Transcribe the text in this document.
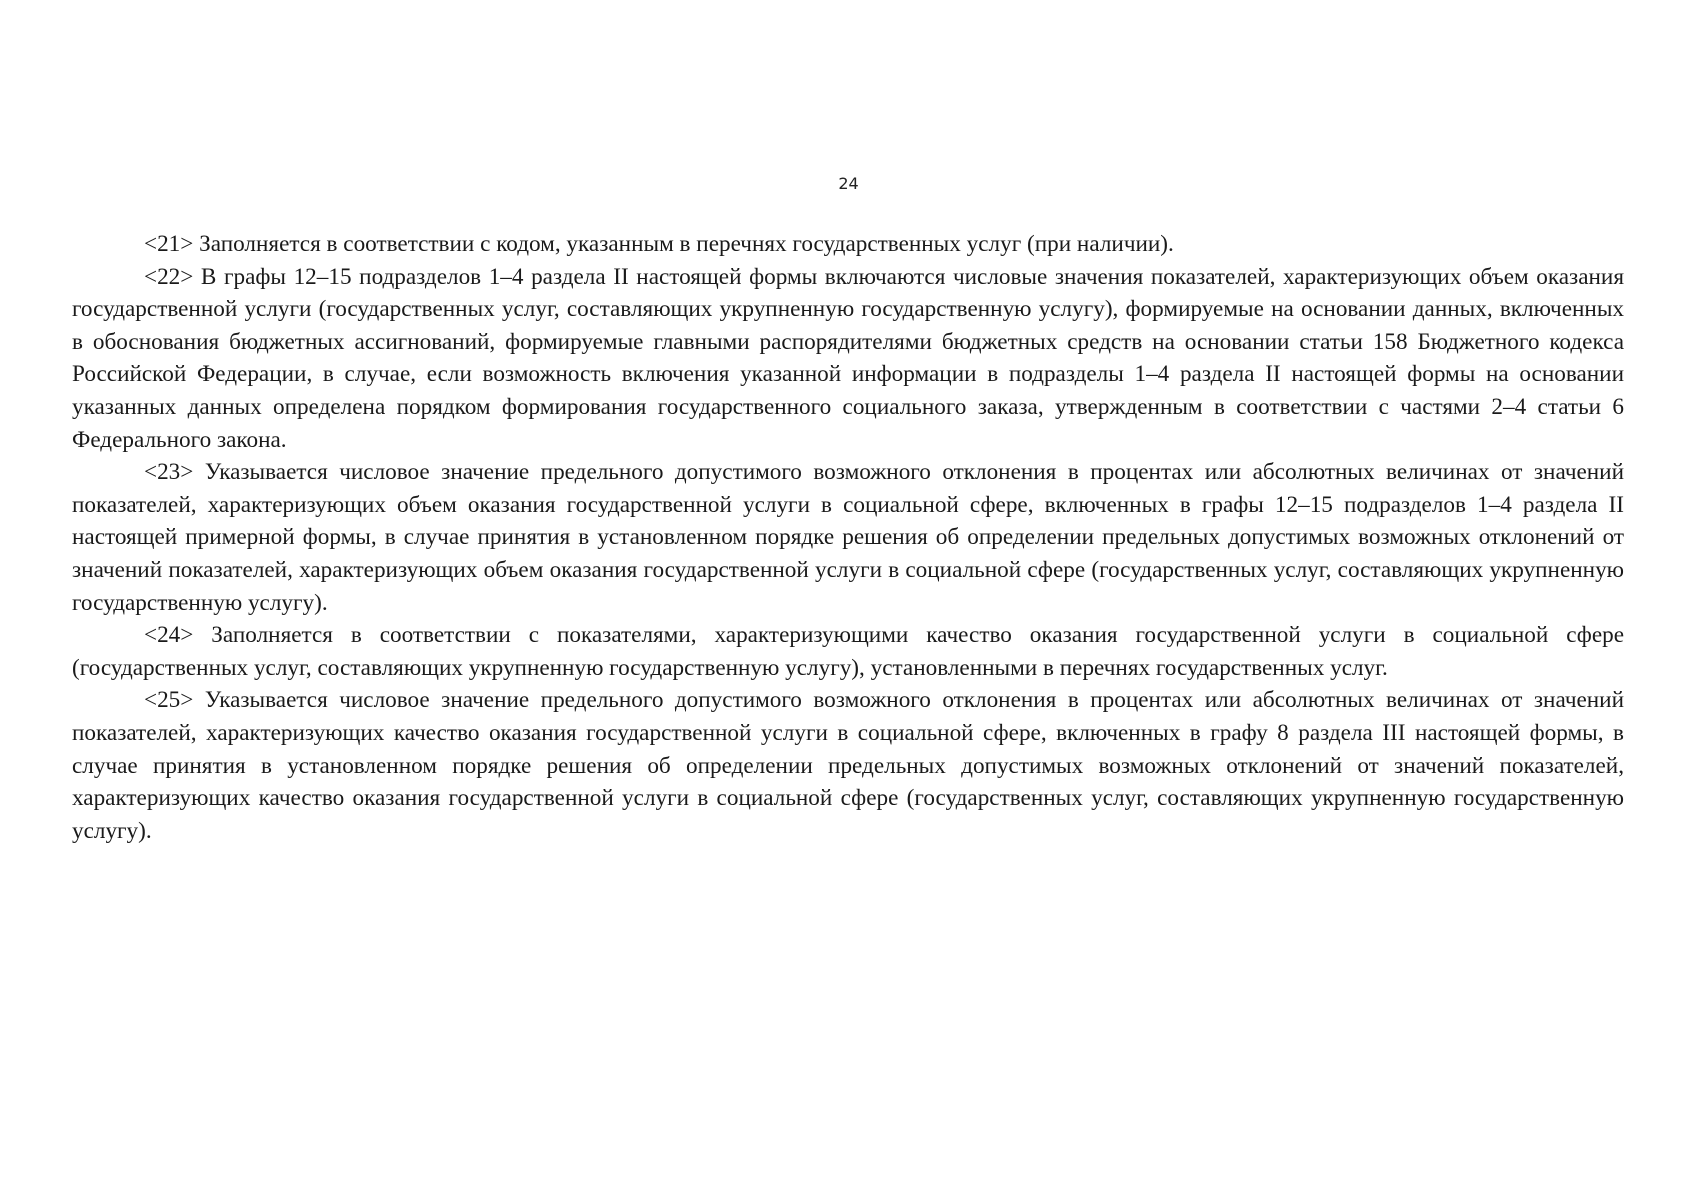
24

<21> Заполняется в соответствии с кодом, указанным в перечнях государственных услуг (при наличии).

<22> В графы 12–15 подразделов 1–4 раздела II настоящей формы включаются числовые значения показателей, характеризующих объем оказания государственной услуги (государственных услуг, составляющих укрупненную государственную услугу), формируемые на основании данных, включенных в обоснования бюджетных ассигнований, формируемые главными распорядителями бюджетных средств на основании статьи 158 Бюджетного кодекса Российской Федерации, в случае, если возможность включения указанной информации в подразделы 1–4 раздела II настоящей формы на основании указанных данных определена порядком формирования государственного социального заказа, утвержденным в соответствии с частями 2–4 статьи 6 Федерального закона.

<23> Указывается числовое значение предельного допустимого возможного отклонения в процентах или абсолютных величинах от значений показателей, характеризующих объем оказания государственной услуги в социальной сфере, включенных в графы 12–15 подразделов 1–4 раздела II настоящей примерной формы, в случае принятия в установленном порядке решения об определении предельных допустимых возможных отклонений от значений показателей, характеризующих объем оказания государственной услуги в социальной сфере (государственных услуг, составляющих укрупненную государственную услугу).

<24> Заполняется в соответствии с показателями, характеризующими качество оказания государственной услуги в социальной сфере (государственных услуг, составляющих укрупненную государственную услугу), установленными в перечнях государственных услуг.

<25> Указывается числовое значение предельного допустимого возможного отклонения в процентах или абсолютных величинах от значений показателей, характеризующих качество оказания государственной услуги в социальной сфере, включенных в графу 8 раздела III настоящей формы, в случае принятия в установленном порядке решения об определении предельных допустимых возможных отклонений от значений показателей, характеризующих качество оказания государственной услуги в социальной сфере (государственных услуг, составляющих укрупненную государственную услугу).
